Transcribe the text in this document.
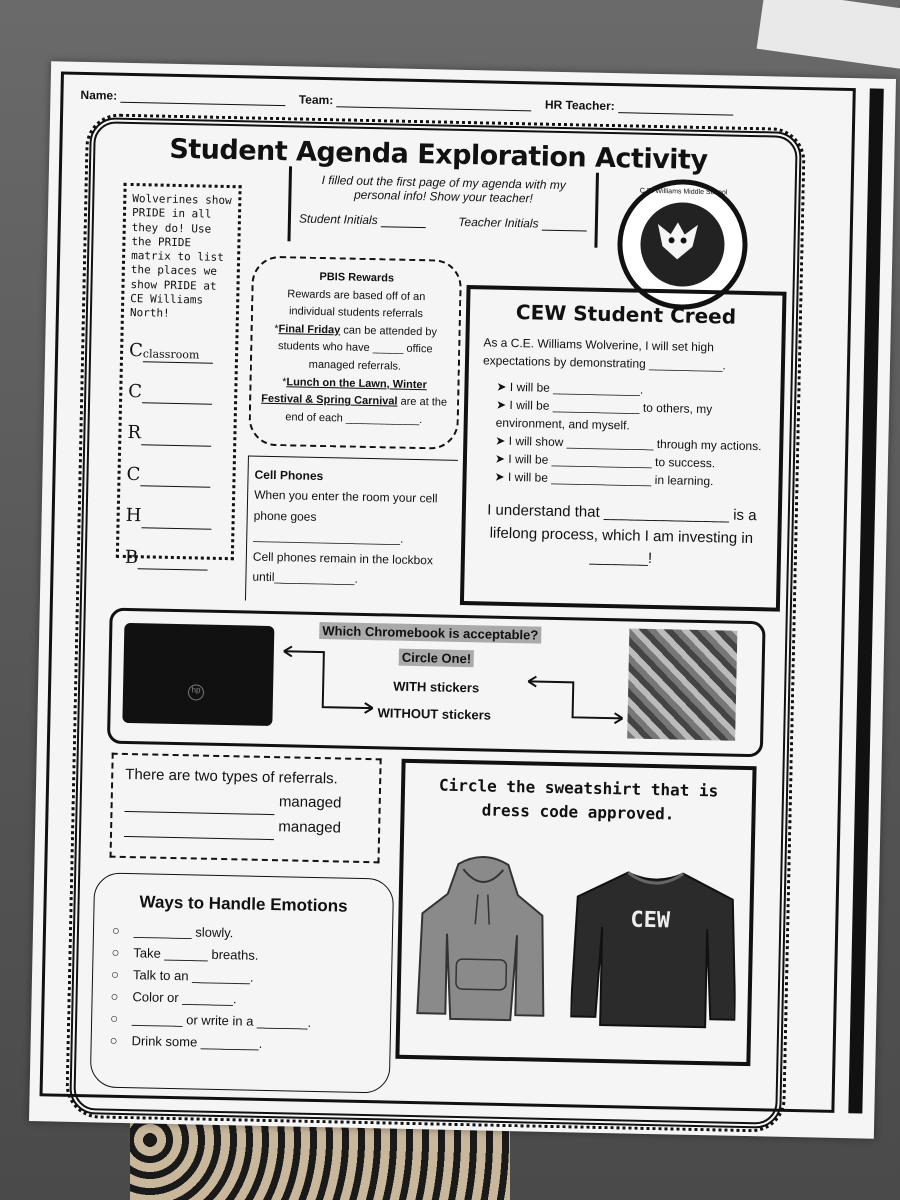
Name:	Team:	HR Teacher:
Student Agenda Exploration Activity
Wolverines show PRIDE in all they do! Use the PRIDE matrix to list the places we show PRIDE at CE Williams North!
Cclassroom
C
R
C
H
B
I filled out the first page of my agenda with my personal info! Show your teacher!
Student Initials	Teacher Initials
C.E. Williams Middle School
Wolverines
PBIS Rewards
Rewards are based off of an individual students referrals
*Final Friday can be attended by students who have _____ office managed referrals.
*Lunch on the Lawn, Winter Festival & Spring Carnival are at the end of each ____________.
CEW Student Creed

As a C.E. Williams Wolverine, I will set high expectations by demonstrating ___________.

➤ I will be _____________.
➤ I will be _____________ to others, my environment, and myself.
➤ I will show _____________ through my actions.
➤ I will be _______________ to success.
➤ I will be _______________ in learning.
I understand that _______________ is a lifelong process, which I am investing in _______!
Cell Phones
When you enter the room your cell phone goes
______________________.
Cell phones remain in the lockbox until____________.
hp
Which Chromebook is acceptable?
Circle One!
WITH stickers
WITHOUT stickers
There are two types of referrals.
managed
managed
Circle the sweatshirt that is dress code approved.
CEW
Ways to Handle Emotions
○ ________ slowly.
○ Take ______ breaths.
○ Talk to an ________.
○ Color or _______.
○ _______ or write in a _______.
○ Drink some ________.
